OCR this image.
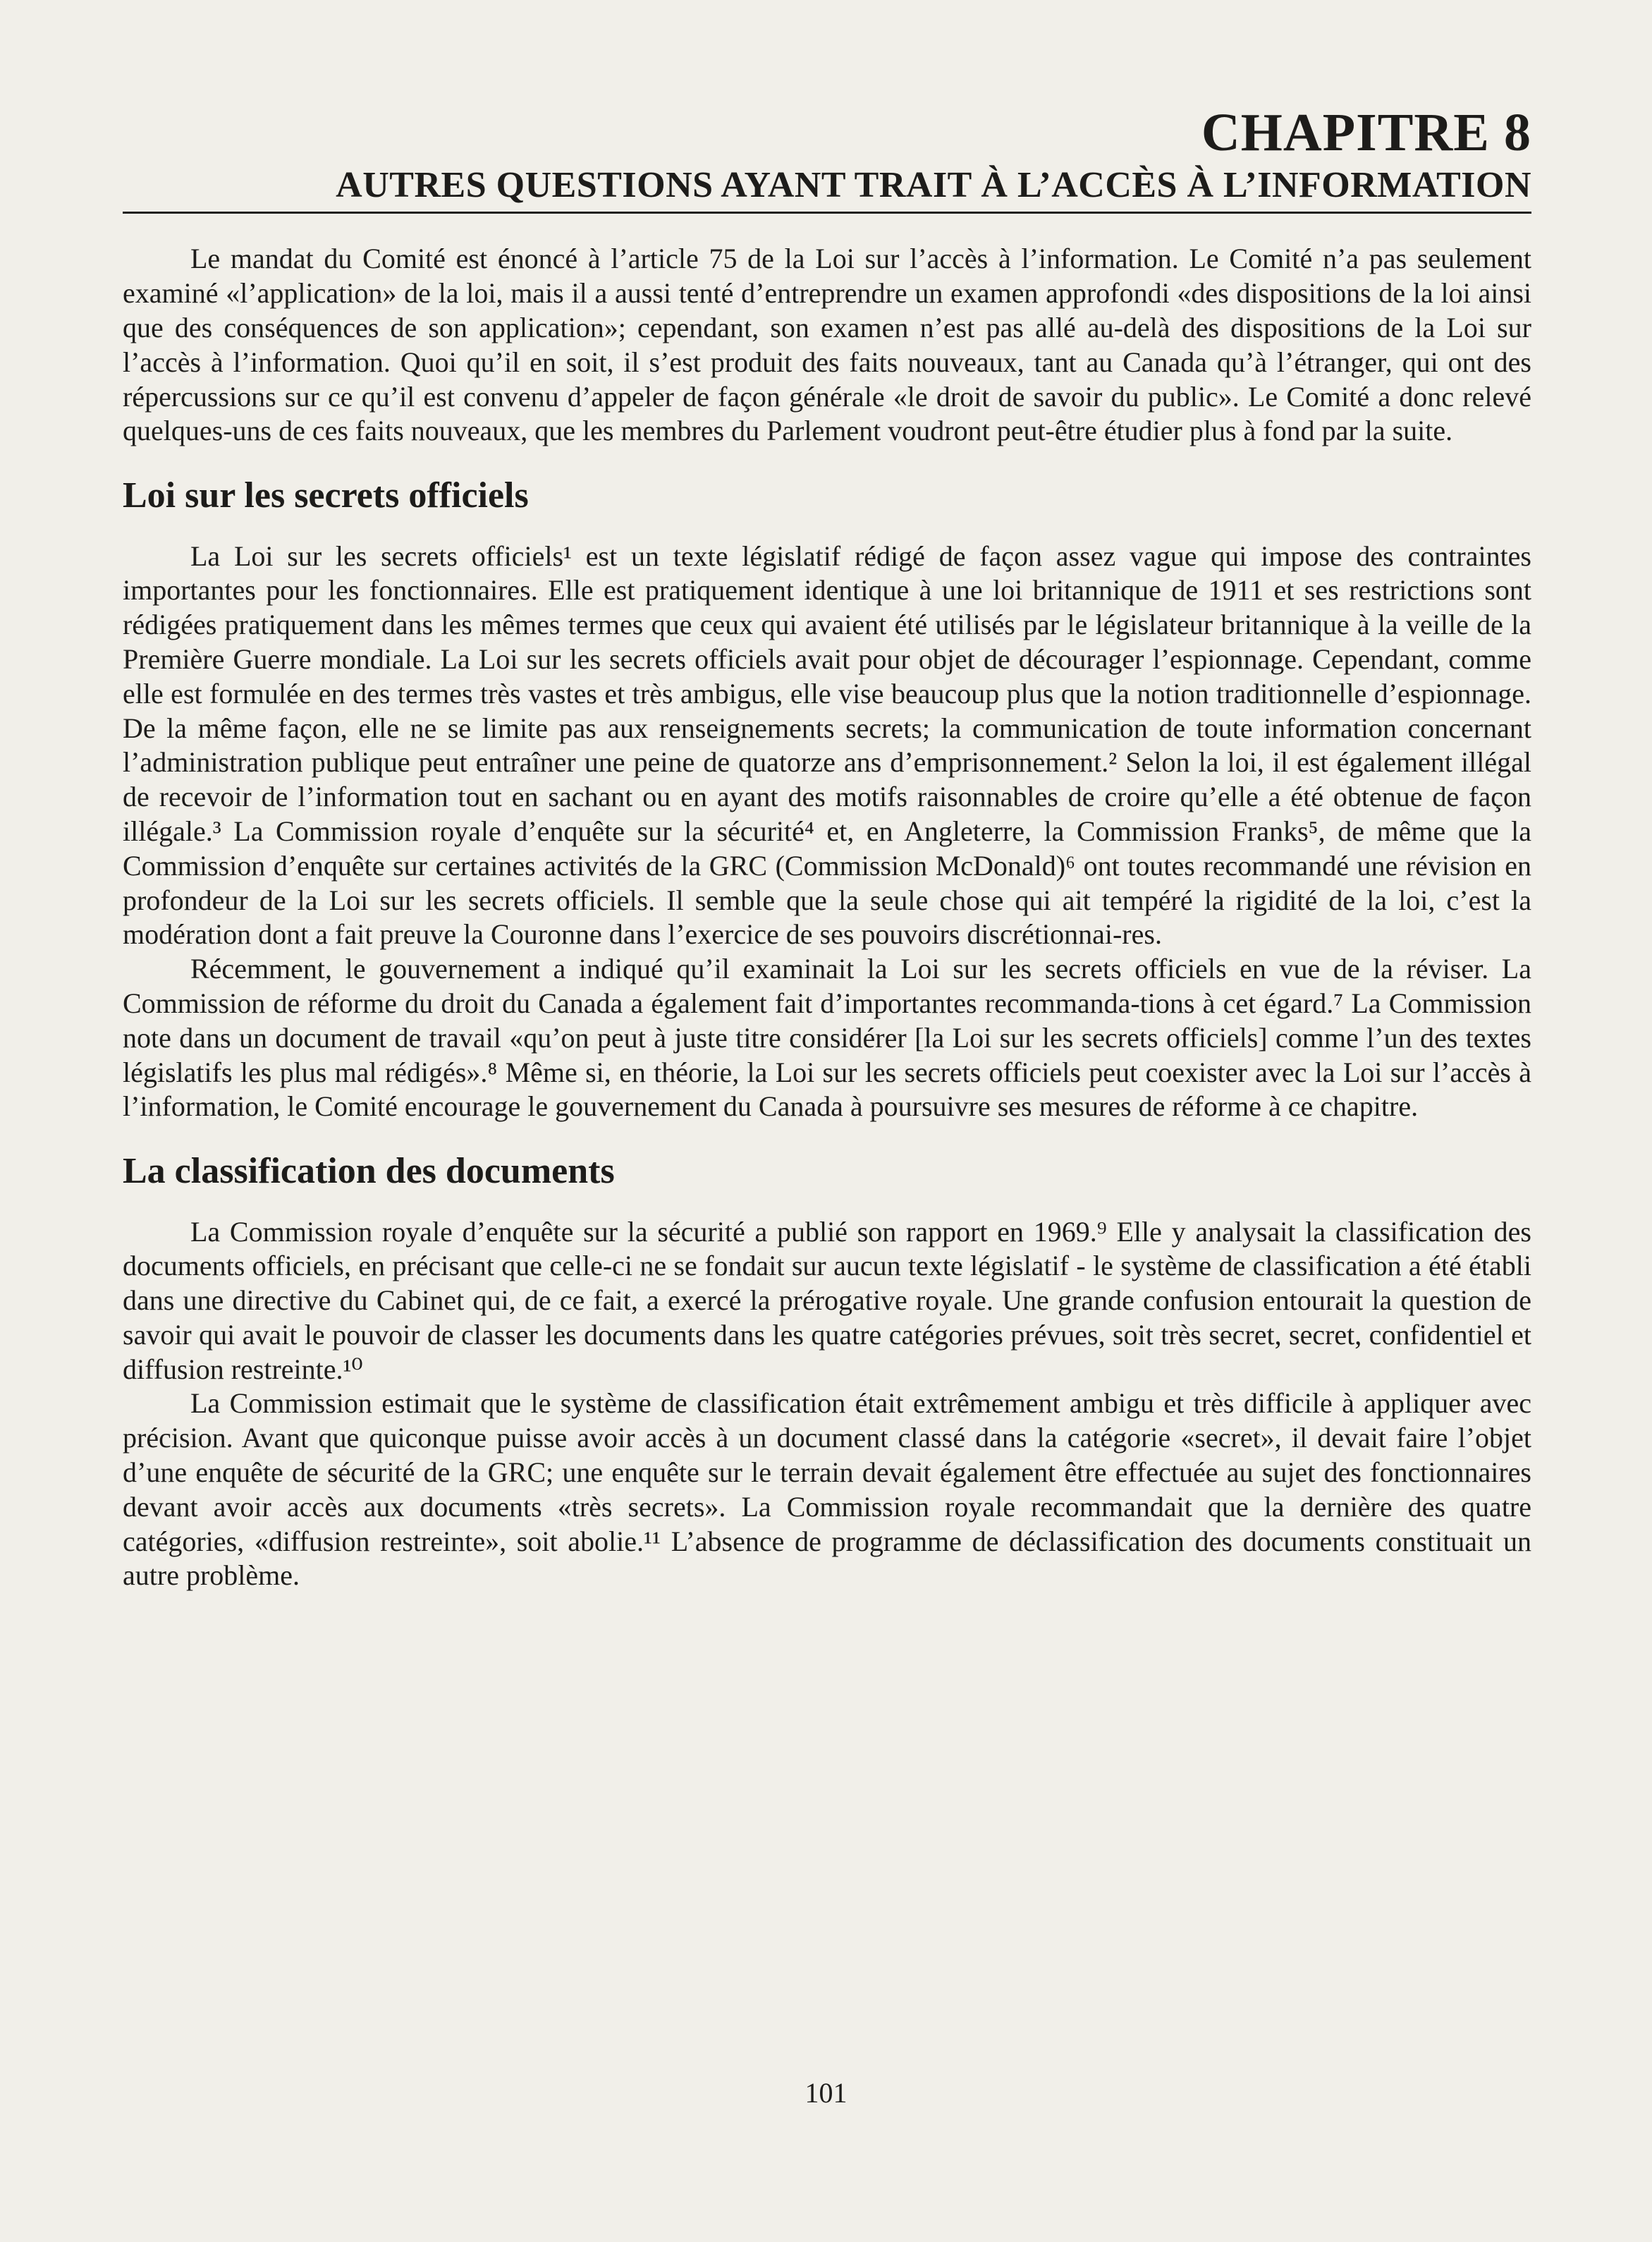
CHAPITRE 8
AUTRES QUESTIONS AYANT TRAIT À L’ACCÈS À L’INFORMATION

Le mandat du Comité est énoncé à l’article 75 de la Loi sur l’accès à l’information. Le Comité n’a pas seulement examiné «l’application» de la loi, mais il a aussi tenté d’entreprendre un examen approfondi «des dispositions de la loi ainsi que des conséquences de son application»; cependant, son examen n’est pas allé au-delà des dispositions de la Loi sur l’accès à l’information. Quoi qu’il en soit, il s’est produit des faits nouveaux, tant au Canada qu’à l’étranger, qui ont des répercussions sur ce qu’il est convenu d’appeler de façon générale «le droit de savoir du public». Le Comité a donc relevé quelques-uns de ces faits nouveaux, que les membres du Parlement voudront peut-être étudier plus à fond par la suite.

Loi sur les secrets officiels

La Loi sur les secrets officiels¹ est un texte législatif rédigé de façon assez vague qui impose des contraintes importantes pour les fonctionnaires. Elle est pratiquement identique à une loi britannique de 1911 et ses restrictions sont rédigées pratiquement dans les mêmes termes que ceux qui avaient été utilisés par le législateur britannique à la veille de la Première Guerre mondiale. La Loi sur les secrets officiels avait pour objet de décourager l’espionnage. Cependant, comme elle est formulée en des termes très vastes et très ambigus, elle vise beaucoup plus que la notion traditionnelle d’espionnage. De la même façon, elle ne se limite pas aux renseignements secrets; la communication de toute information concernant l’administration publique peut entraîner une peine de quatorze ans d’emprisonnement.² Selon la loi, il est également illégal de recevoir de l’information tout en sachant ou en ayant des motifs raisonnables de croire qu’elle a été obtenue de façon illégale.³ La Commission royale d’enquête sur la sécurité⁴ et, en Angleterre, la Commission Franks⁵, de même que la Commission d’enquête sur certaines activités de la GRC (Commission McDonald)⁶ ont toutes recommandé une révision en profondeur de la Loi sur les secrets officiels. Il semble que la seule chose qui ait tempéré la rigidité de la loi, c’est la modération dont a fait preuve la Couronne dans l’exercice de ses pouvoirs discrétionnai-res.

Récemment, le gouvernement a indiqué qu’il examinait la Loi sur les secrets officiels en vue de la réviser. La Commission de réforme du droit du Canada a également fait d’importantes recommanda-tions à cet égard.⁷ La Commission note dans un document de travail «qu’on peut à juste titre considérer [la Loi sur les secrets officiels] comme l’un des textes législatifs les plus mal rédigés».⁸ Même si, en théorie, la Loi sur les secrets officiels peut coexister avec la Loi sur l’accès à l’information, le Comité encourage le gouvernement du Canada à poursuivre ses mesures de réforme à ce chapitre.

La classification des documents

La Commission royale d’enquête sur la sécurité a publié son rapport en 1969.⁹ Elle y analysait la classification des documents officiels, en précisant que celle-ci ne se fondait sur aucun texte législatif - le système de classification a été établi dans une directive du Cabinet qui, de ce fait, a exercé la prérogative royale. Une grande confusion entourait la question de savoir qui avait le pouvoir de classer les documents dans les quatre catégories prévues, soit très secret, secret, confidentiel et diffusion restreinte.¹⁰

La Commission estimait que le système de classification était extrêmement ambigu et très difficile à appliquer avec précision. Avant que quiconque puisse avoir accès à un document classé dans la catégorie «secret», il devait faire l’objet d’une enquête de sécurité de la GRC; une enquête sur le terrain devait également être effectuée au sujet des fonctionnaires devant avoir accès aux documents «très secrets». La Commission royale recommandait que la dernière des quatre catégories, «diffusion restreinte», soit abolie.¹¹ L’absence de programme de déclassification des documents constituait un autre problème.

101
